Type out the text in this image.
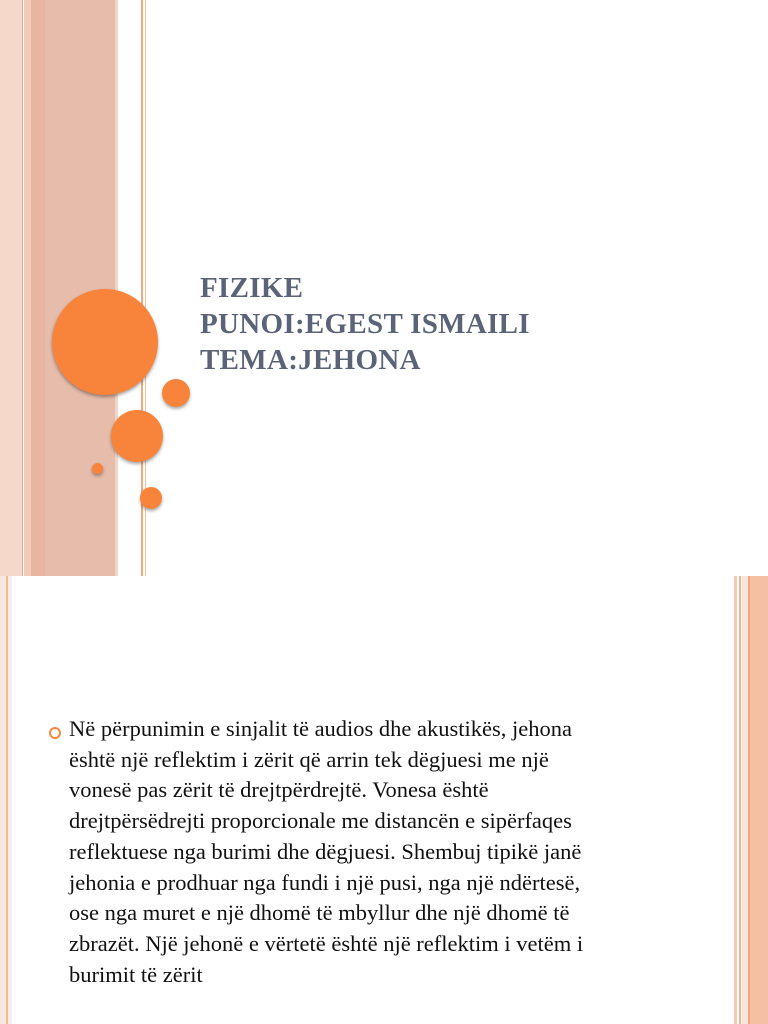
FIZIKE
PUNOI:EGEST ISMAILI
TEMA:JEHONA
Në përpunimin e sinjalit të audios dhe akustikës, jehona
është një reflektim i zërit që arrin tek dëgjuesi me një
vonesë pas zërit të drejtpërdrejtë. Vonesa është
drejtpërsëdrejti proporcionale me distancën e sipërfaqes
reflektuese nga burimi dhe dëgjuesi. Shembuj tipikë janë
jehonia e prodhuar nga fundi i një pusi, nga një ndërtesë,
ose nga muret e një dhomë të mbyllur dhe një dhomë të
zbrazët. Një jehonë e vërtetë është një reflektim i vetëm i
burimit të zërit
